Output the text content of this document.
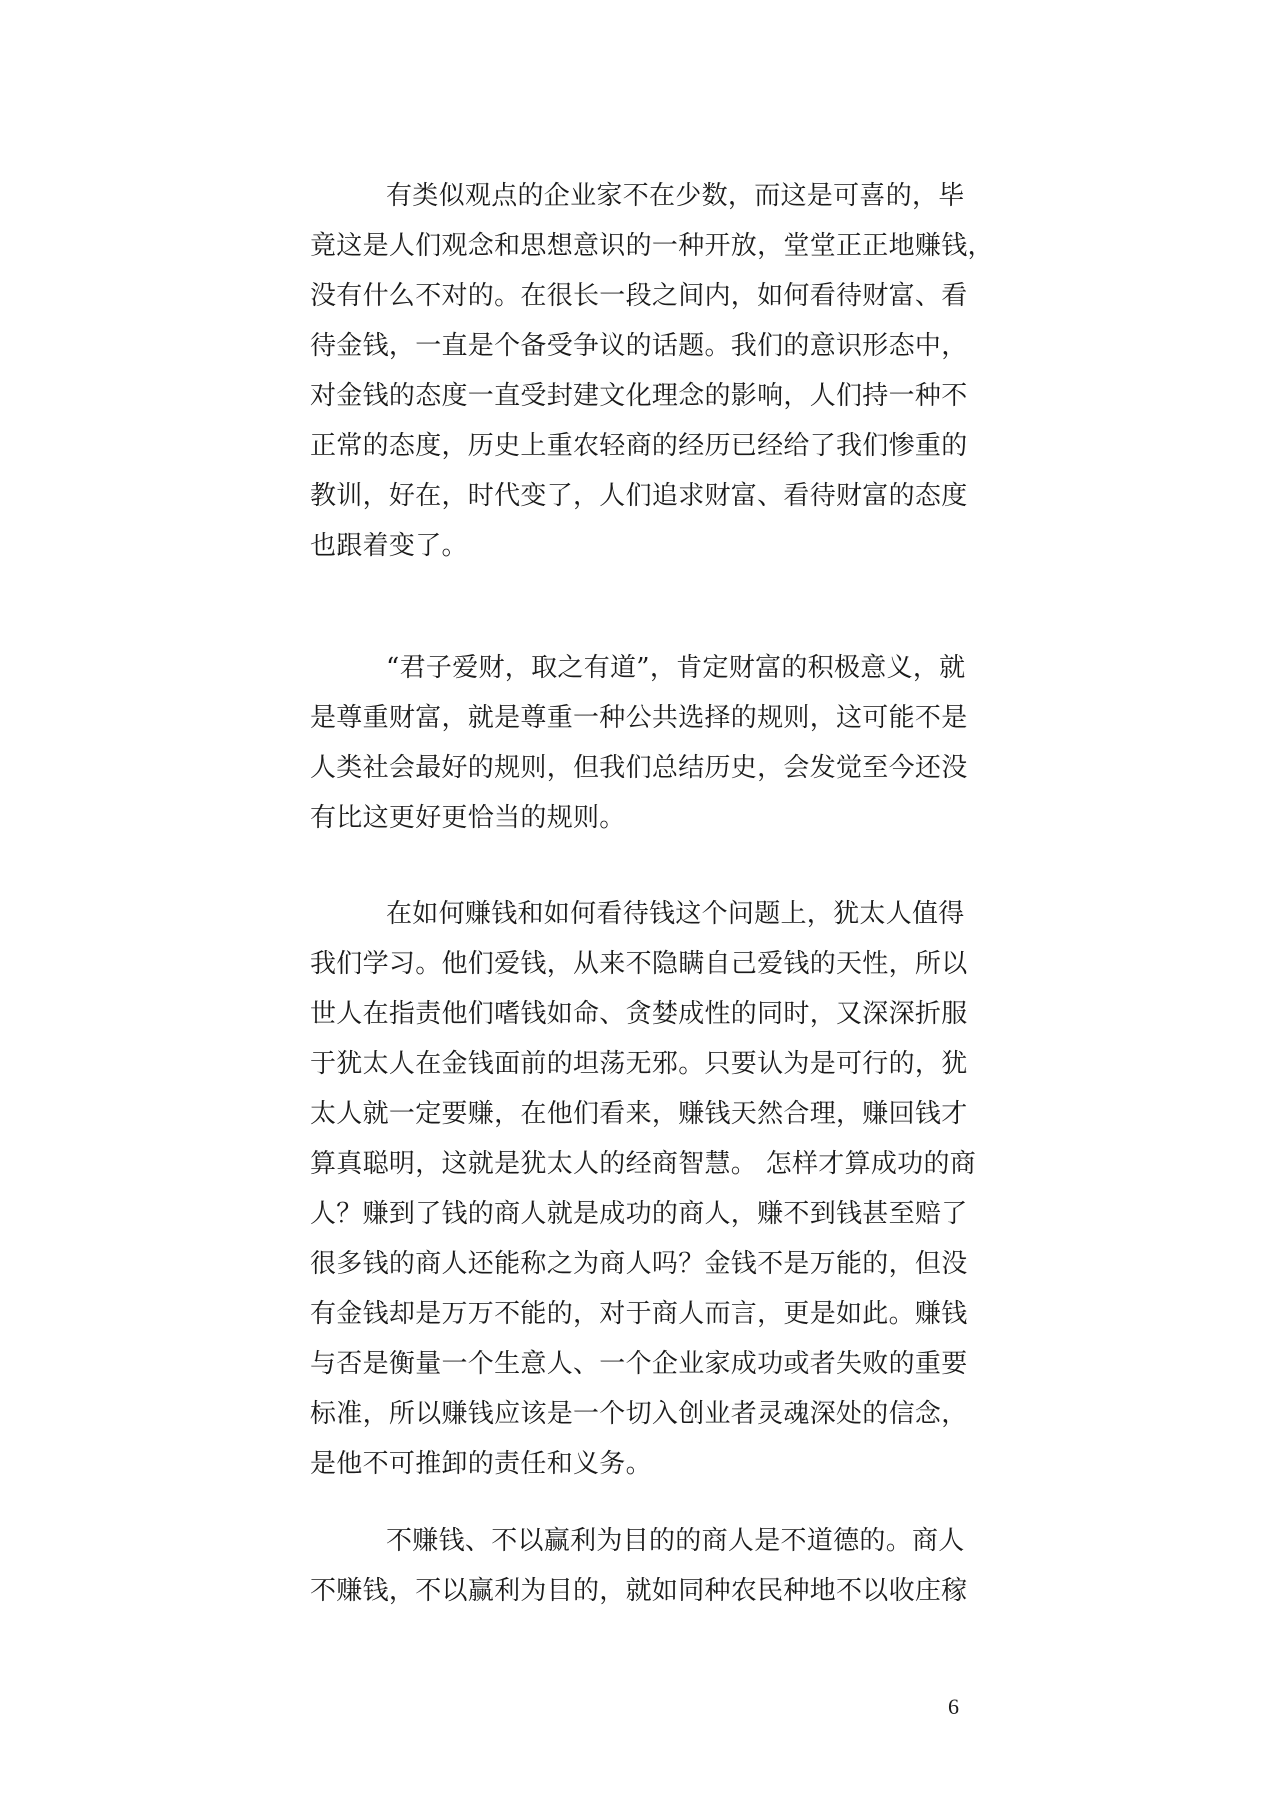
有类似观点的企业家不在少数，而这是可喜的，毕
竟这是人们观念和思想意识的一种开放，堂堂正正地赚钱，
没有什么不对的。在很长一段之间内，如何看待财富、看
待金钱，一直是个备受争议的话题。我们的意识形态中，
对金钱的态度一直受封建文化理念的影响，人们持一种不
正常的态度，历史上重农轻商的经历已经给了我们惨重的
教训，好在，时代变了，人们追求财富、看待财富的态度
也跟着变了。
“君子爱财，取之有道”，肯定财富的积极意义，就
是尊重财富，就是尊重一种公共选择的规则，这可能不是
人类社会最好的规则，但我们总结历史，会发觉至今还没
有比这更好更恰当的规则。
在如何赚钱和如何看待钱这个问题上，犹太人值得
我们学习。他们爱钱，从来不隐瞒自己爱钱的天性，所以
世人在指责他们嗜钱如命、贪婪成性的同时，又深深折服
于犹太人在金钱面前的坦荡无邪。只要认为是可行的，犹
太人就一定要赚，在他们看来，赚钱天然合理，赚回钱才
算真聪明，这就是犹太人的经商智慧。 怎样才算成功的商
人？赚到了钱的商人就是成功的商人，赚不到钱甚至赔了
很多钱的商人还能称之为商人吗？金钱不是万能的，但没
有金钱却是万万不能的，对于商人而言，更是如此。赚钱
与否是衡量一个生意人、一个企业家成功或者失败的重要
标准，所以赚钱应该是一个切入创业者灵魂深处的信念，
是他不可推卸的责任和义务。
不赚钱、不以赢利为目的的商人是不道德的。商人
不赚钱，不以赢利为目的，就如同种农民种地不以收庄稼
6
